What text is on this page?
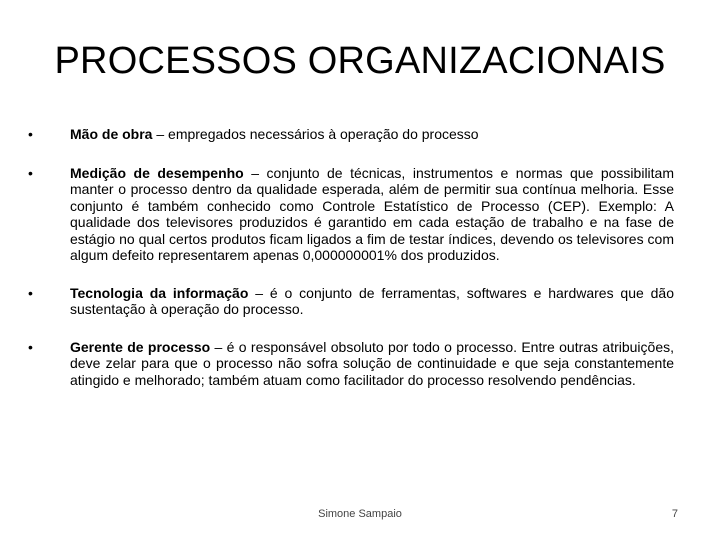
PROCESSOS ORGANIZACIONAIS
•	Mão de obra – empregados necessários à operação do processo
•	Medição de desempenho – conjunto de técnicas, instrumentos e normas que possibilitam manter o processo dentro da qualidade esperada, além de permitir sua contínua melhoria. Esse conjunto é também conhecido como Controle Estatístico de Processo (CEP). Exemplo: A qualidade dos televisores produzidos é garantido em cada estação de trabalho e na fase de estágio no qual certos produtos ficam ligados a fim de testar índices, devendo os televisores com algum defeito representarem apenas 0,000000001% dos produzidos.
•	Tecnologia da informação – é o conjunto de ferramentas, softwares e hardwares que dão sustentação à operação do processo.
•	Gerente de processo – é o responsável obsoluto por todo o processo. Entre outras atribuições, deve zelar para que o processo não sofra solução de continuidade e que seja constantemente atingido e melhorado; também atuam como facilitador do processo resolvendo pendências.
Simone Sampaio	7
